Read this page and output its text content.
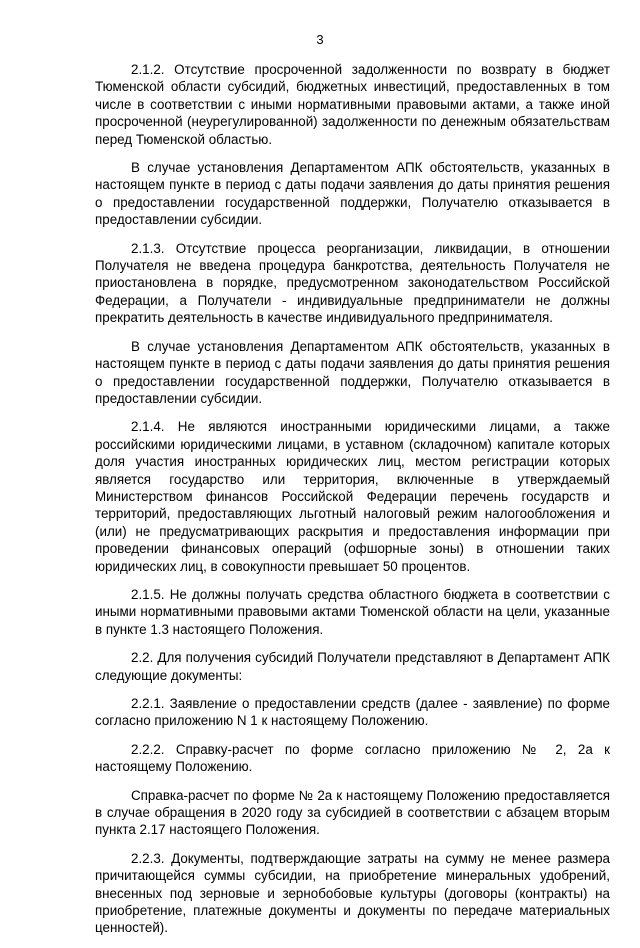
3

2.1.2. Отсутствие просроченной задолженности по возврату в бюджет Тюменской области субсидий, бюджетных инвестиций, предоставленных в том числе в соответствии с иными нормативными правовыми актами, а также иной просроченной (неурегулированной) задолженности по денежным обязательствам перед Тюменской областью.

В случае установления Департаментом АПК обстоятельств, указанных в настоящем пункте в период с даты подачи заявления до даты принятия решения о предоставлении государственной поддержки, Получателю отказывается в предоставлении субсидии.

2.1.3. Отсутствие процесса реорганизации, ликвидации, в отношении Получателя не введена процедура банкротства, деятельность Получателя не приостановлена в порядке, предусмотренном законодательством Российской Федерации, а Получатели - индивидуальные предприниматели не должны прекратить деятельность в качестве индивидуального предпринимателя.

В случае установления Департаментом АПК обстоятельств, указанных в настоящем пункте в период с даты подачи заявления до даты принятия решения о предоставлении государственной поддержки, Получателю отказывается в предоставлении субсидии.

2.1.4. Не являются иностранными юридическими лицами, а также российскими юридическими лицами, в уставном (складочном) капитале которых доля участия иностранных юридических лиц, местом регистрации которых является государство или территория, включенные в утверждаемый Министерством финансов Российской Федерации перечень государств и территорий, предоставляющих льготный налоговый режим налогообложения и (или) не предусматривающих раскрытия и предоставления информации при проведении финансовых операций (офшорные зоны) в отношении таких юридических лиц, в совокупности превышает 50 процентов.

2.1.5. Не должны получать средства областного бюджета в соответствии с иными нормативными правовыми актами Тюменской области на цели, указанные в пункте 1.3 настоящего Положения.

2.2. Для получения субсидий Получатели представляют в Департамент АПК следующие документы:

2.2.1. Заявление о предоставлении средств (далее - заявление) по форме согласно приложению N 1 к настоящему Положению.

2.2.2. Справку-расчет по форме согласно приложению № 2, 2а к настоящему Положению.

Справка-расчет по форме № 2а к настоящему Положению предоставляется в случае обращения в 2020 году за субсидией в соответствии с абзацем вторым пункта 2.17 настоящего Положения.

2.2.3. Документы, подтверждающие затраты на сумму не менее размера причитающейся суммы субсидии, на приобретение минеральных удобрений, внесенных под зерновые и зернобобовые культуры (договоры (контракты) на приобретение, платежные документы и документы по передаче материальных ценностей).
